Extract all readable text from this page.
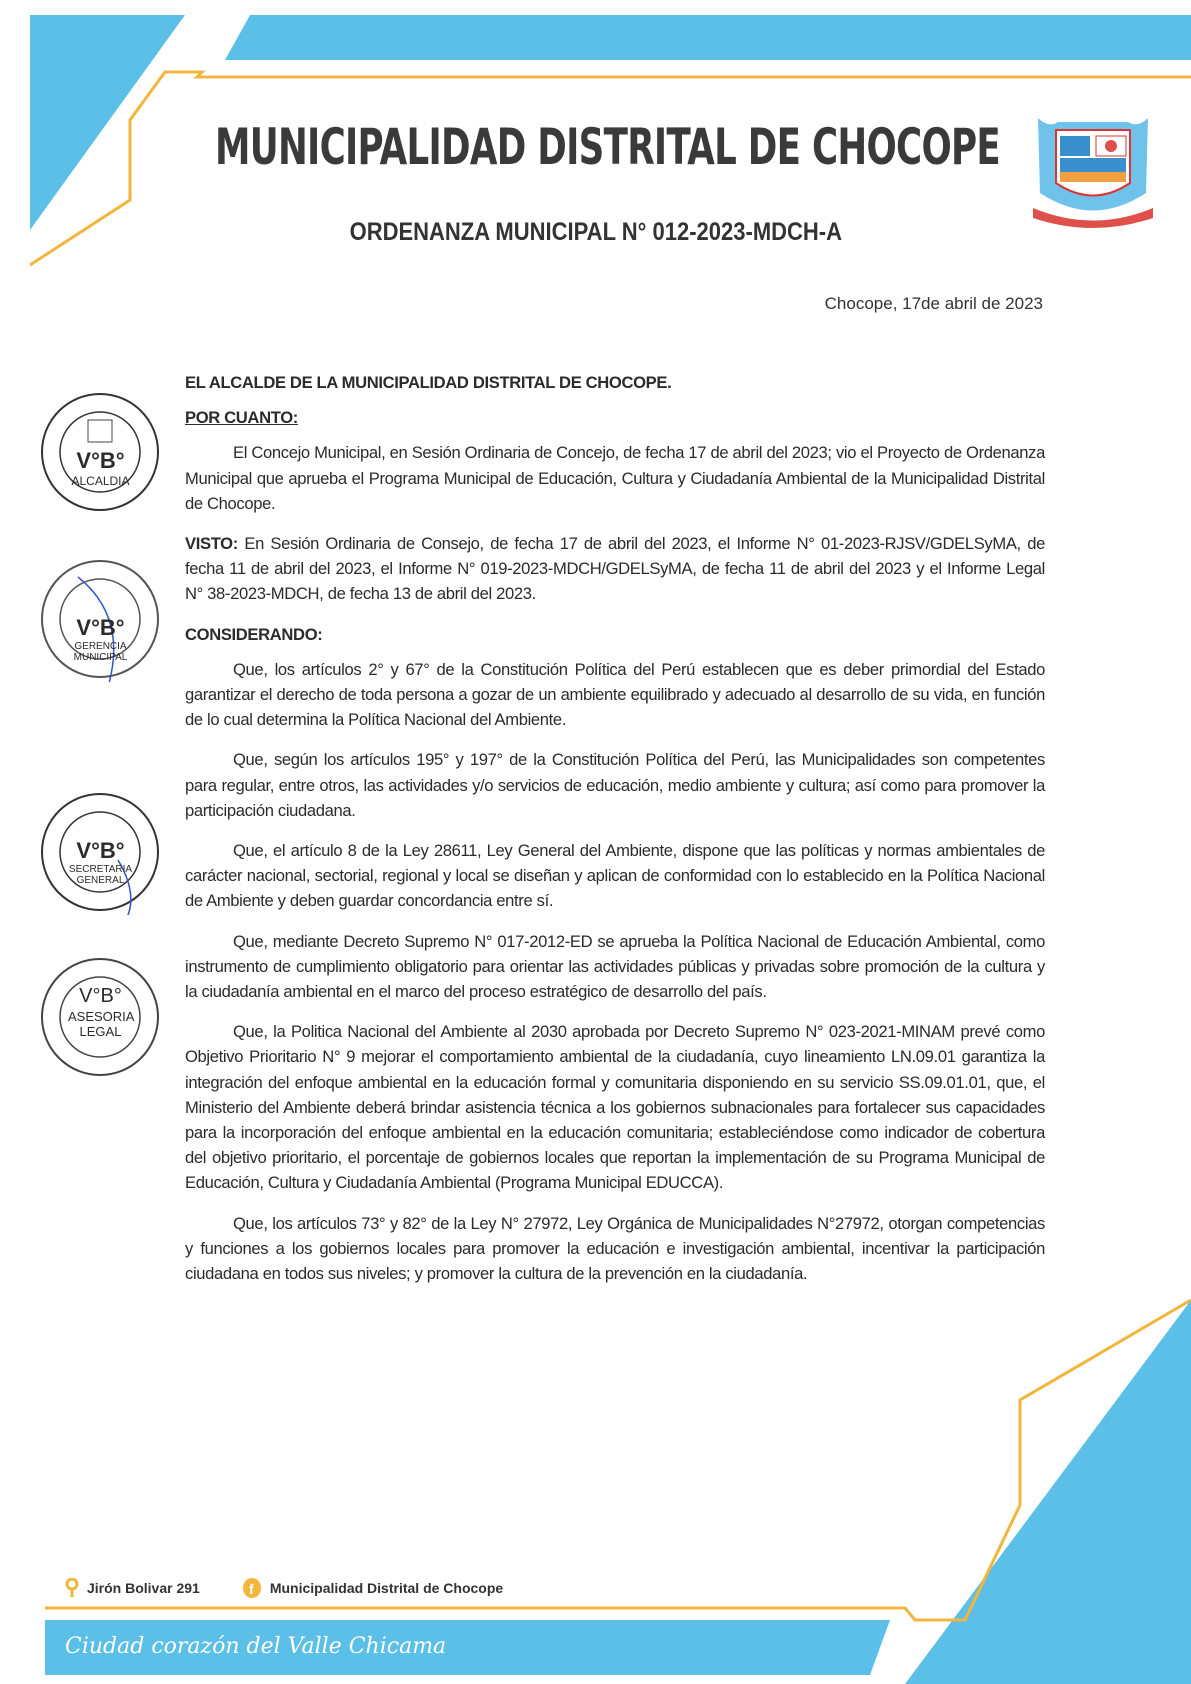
MUNICIPALIDAD DISTRITAL DE CHOCOPE
ORDENANZA MUNICIPAL N° 012-2023-MDCH-A
Chocope, 17de abril de 2023
V°B°
ALCALDIA
V°B°
GERENCIA MUNICIPAL
V°B°
SECRETARIA GENERAL
V°B°
ASESORIA LEGAL
EL ALCALDE DE LA MUNICIPALIDAD DISTRITAL DE CHOCOPE.
POR CUANTO:

El Concejo Municipal, en Sesión Ordinaria de Concejo, de fecha 17 de abril del 2023; vio el Proyecto de Ordenanza Municipal que aprueba el Programa Municipal de Educación, Cultura y Ciudadanía Ambiental de la Municipalidad Distrital de Chocope.

VISTO: En Sesión Ordinaria de Consejo, de fecha 17 de abril del 2023, el Informe N° 01-2023-RJSV/GDELSyMA, de fecha 11 de abril del 2023, el Informe N° 019-2023-MDCH/GDELSyMA, de fecha 11 de abril del 2023 y el Informe Legal N° 38-2023-MDCH, de fecha 13 de abril del 2023.

CONSIDERANDO:

Que, los artículos 2° y 67° de la Constitución Política del Perú establecen que es deber primordial del Estado garantizar el derecho de toda persona a gozar de un ambiente equilibrado y adecuado al desarrollo de su vida, en función de lo cual determina la Política Nacional del Ambiente.

Que, según los artículos 195° y 197° de la Constitución Política del Perú, las Municipalidades son competentes para regular, entre otros, las actividades y/o servicios de educación, medio ambiente y cultura; así como para promover la participación ciudadana.

Que, el artículo 8 de la Ley 28611, Ley General del Ambiente, dispone que las políticas y normas ambientales de carácter nacional, sectorial, regional y local se diseñan y aplican de conformidad con lo establecido en la Política Nacional de Ambiente y deben guardar concordancia entre sí.

Que, mediante Decreto Supremo N° 017-2012-ED se aprueba la Política Nacional de Educación Ambiental, como instrumento de cumplimiento obligatorio para orientar las actividades públicas y privadas sobre promoción de la cultura y la ciudadanía ambiental en el marco del proceso estratégico de desarrollo del país.

Que, la Politica Nacional del Ambiente al 2030 aprobada por Decreto Supremo N° 023-2021-MINAM prevé como Objetivo Prioritario N° 9 mejorar el comportamiento ambiental de la ciudadanía, cuyo lineamiento LN.09.01 garantiza la integración del enfoque ambiental en la educación formal y comunitaria disponiendo en su servicio SS.09.01.01, que, el Ministerio del Ambiente deberá brindar asistencia técnica a los gobiernos subnacionales para fortalecer sus capacidades para la incorporación del enfoque ambiental en la educación comunitaria; estableciéndose como indicador de cobertura del objetivo prioritario, el porcentaje de gobiernos locales que reportan la implementación de su Programa Municipal de Educación, Cultura y Ciudadanía Ambiental (Programa Municipal EDUCCA).

Que, los artículos 73° y 82° de la Ley N° 27972, Ley Orgánica de Municipalidades N°27972, otorgan competencias y funciones a los gobiernos locales para promover la educación e investigación ambiental, incentivar la participación ciudadana en todos sus niveles; y promover la cultura de la prevención en la ciudadanía.

Jirón Bolivar 291	f Municipalidad Distrital de Chocope
Ciudad corazón del Valle Chicama
